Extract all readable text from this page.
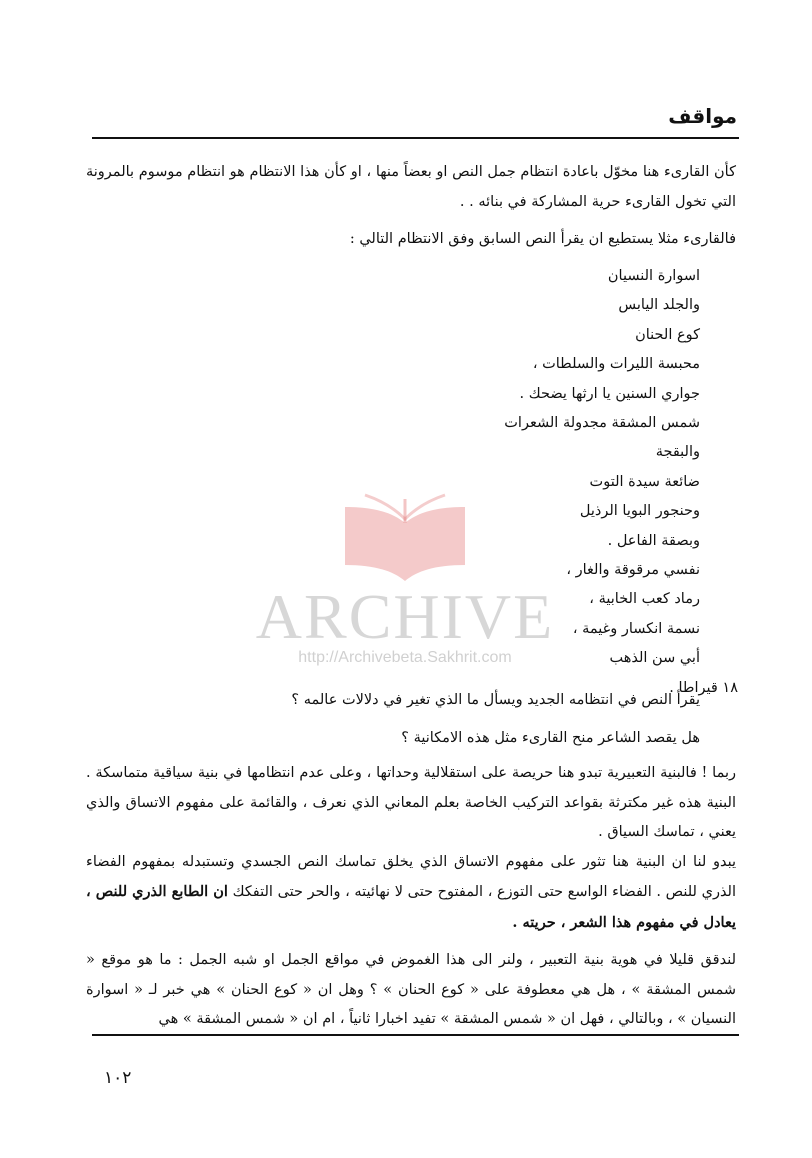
مواقف

كأن القارىء هنا مخوّل باعادة انتظام جمل النص او بعضاً منها ، او كأن هذا الانتظام هو انتظام موسوم بالمرونة التي تخول القارىء حرية المشاركة في بنائه . .

فالقارىء مثلا يستطيع ان يقرأ النص السابق وفق الانتظام التالي :

اسوارة النسيان
والجلد اليابس
كوع الحنان
محبسة الليرات والسلطات ،
جواري السنين يا ارثها يضحك .
شمس المشقة مجدولة الشعرات
والبقجة
ضائعة سيدة التوت
وحنجور البويا الرذيل
وبصقة الفاعل .
نفسي مرقوقة والغار ،
رماد كعب الخابية ،
نسمة انكسار وغيمة ،
أبي سن الذهب
١٨ قيراطا .

يقرأ النص في انتظامه الجديد ويسأل ما الذي تغير في دلالات عالمه ؟

هل يقصد الشاعر منح القارىء مثل هذه الامكانية ؟

ربما ! فالبنية التعبيرية تبدو هنا حريصة على استقلالية وحداتها ، وعلى عدم انتظامها في بنية سياقية متماسكة . البنية هذه غير مكترثة بقواعد التركيب الخاصة بعلم المعاني الذي نعرف ، والقائمة على مفهوم الاتساق والذي يعني ، تماسك السياق .

يبدو لنا ان البنية هنا تثور على مفهوم الاتساق الذي يخلق تماسك النص الجسدي وتستبدله بمفهوم الفضاء الذري للنص . الفضاء الواسع حتى التوزع ، المفتوح حتى لا نهائيته ، والحر حتى التفكك ان الطابع الذري للنص ، يعادل في مفهوم هذا الشعر ، حريته .

لندقق قليلا في هوية بنية التعبير ، ولنر الى هذا الغموض في مواقع الجمل او شبه الجمل : ما هو موقع « شمس المشقة » ، هل هي معطوفة على « كوع الحنان » ؟ وهل ان « كوع الحنان » هي خبر لـ « اسوارة النسيان » ، وبالتالي ، فهل ان « شمس المشقة » تفيد اخبارا ثانياً ، ام ان « شمس المشقة » هي

١٠٢
ARCHIVE
http://Archivebeta.Sakhrit.com
